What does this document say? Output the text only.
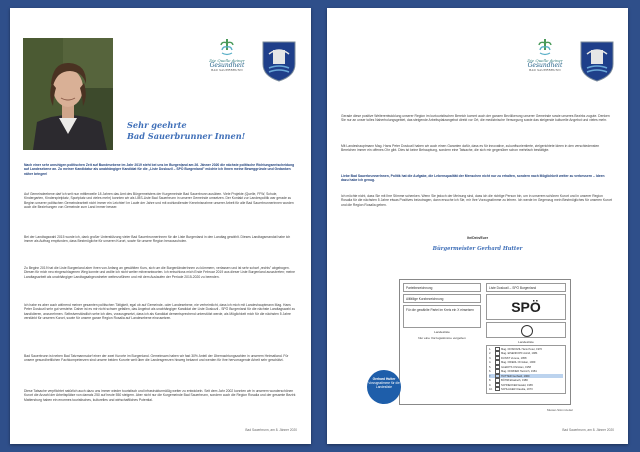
Die Quelle deiner
Gesundheit
BAD SAUERBRUNN
Sehr geehrte
Bad Sauerbrunner Innen!

Nach einer sehr unruhigen politischen Zeit auf Bundesebene im Jahr 2019 steht bei uns im Burgenland am 26. Jänner 2020 die nächste politische Richtungsentscheidung auf Landesebene an. Zu meiner Kandidatur als unabhängiger Kandidat für die „Liste Doskozil – SPÖ Burgenland" möchte ich Ihnen meine Beweggründe und Gedanken näher bringen!

Auf Gemeindeebene darf ich seit nun mittlerweile 18 Jahren das Amt des Bürgermeisters der Kurgemeinde Bad Sauerbrunn ausüben. Viele Projekte (Quelle, FFW, Schule, Kindergarten, Kinderspielplatz, Sportplatz und vieles mehr) konnten wir als LIBS-Liste Bad Sauerbrunn in unserer Gemeinde umsetzen. Der Kontakt zur Landespolitik war gerade zu Beginn unserer politischen Gemeindearbeit nicht immer ein Leichter! Im Laufe der Jahre und mit wohlwollender Kenntnisnahme unserer Arbeit für alle Bad Sauerbrunnerinnen wurden auch die Beziehungen von Gemeinde zum Land immer besser.

Bei der Landtagswahl 2015 wurde ich, dank großer Unterstützung vieler Bad SauerbrunnerInnen für die Liste Burgenland in den Landtag gewählt. Dieses Landtagsmandat habe ich immer als Auftrag empfunden, dass Bestmögliche für unseren Kurort, sowie für unsere Region herauszuholen.

Zu Beginn 2019 hat die Liste Burgenland aber ihren von Anfang an gewählten Kurs, sich um die BurgenländerInnen zu kümmern, verlassen und ist sehr scharf „rechts" abgebogen. Diesen für mich neu eingeschlagenen Weg konnte und wollte ich nicht weiter mitverantworten. Ich entschloss mich Ende Februar 2019 aus dieser Liste Burgenland auszutreten; meine Landtagsarbeit als unabhängiger Landtagsabgeordneter weiterzuführen und mit dem Auslaufen der Periode 2015-2020 zu beenden.

Ich habe es aber auch während meiner gesamten politischen Tätigkeit, egal ob auf Gemeinde- oder Landesebene, nie verheimlicht, dass ich mich mit Landeshauptmann Mag. Hans Peter Doskozil sehr gut verstehe. Daher ist es mir nicht schwer gefallen, das Angebot als unabhängiger Kandidat der Liste Doskozil - SPÖ Burgenland für die nächste Landtagswahl zu kandidieren, anzunehmen. Selbstverständlich sehe ich dies, vorausgesetzt, dass ich als Kandidat dementsprechend unterstützt werde, als Möglichkeit mich für die nächsten 5 Jahre verstärkt für unseren Kurort, sowie für unsere ganze Region Rosalia auf Landesebene einzusetzen.

Bad Sauerbrunn ist neben Bad Tatzmannsdorf einer der zwei Kurorte im Burgenland. Gemeinsam haben wir fast 30% Anteil der Übernachtungszahlen in unserem Heimatland. Für unsere gesundheitlichen Fachkompetenzen sind unsere beiden Kurorte weit über die Landesgrenzen hinweg bekannt und werden für ihre hervorragende Arbeit sehr geschätzt.

Diese Tatsache verpflichtet natürlich auch dazu uns immer wieder touristisch und infrastrukturmäßig weiter zu entwickeln. Seit dem Jahr 2002 konnten wir in unserem wunderschönen Kurort die Anzahl der Arbeitsplätze von damals 250 auf heute 550 steigern. Aber nicht nur die Kurgemeinde Bad Sauerbrunn, sondern auch die Region Rosalia und der gesamte Bezirk Mattersburg haben ein enormes touristisches, kulturelles und wirtschaftliches Potential.

Bad Sauerbrunn, am 8. Jänner 2020
Die Quelle deiner
Gesundheit
BAD SAUERBRUNN

Gerade diese positive Weiterentwicklung unserer Region im kurtouristischen Bereich kommt auch der ganzen Bevölkerung unserer Gemeinde sowie unseres Bezirks zugute. Denken Sie nur an unser tolles Naherholungsgebiet, das steigende Arbeitsplatzangebot direkt vor Ort, die medizinische Versorgung sowie das steigende kulturelle Angebot und vieles mehr.

Mit Landeshauptmann Mag. Hans Peter Doskozil haben wir auch einen Garanten dafür, dass es für innovative, zukunftsorientierte, zielgerichtete Ideen in den verschiedensten Bereichen immer ein offenes Ohr gibt. Dies ist keine Behauptung, sondern eine Tatsache, die sich mir gegenüber schon mehrfach bestätigte.

Liebe Bad SauerbrunnerInnen, Politik hat die Aufgabe, die Lebensqualität der Menschen nicht nur zu erhalten, sondern nach Möglichkeit weiter zu verbessern – Ideen dazu habe ich genug.

Ich möchte nicht, dass Sie mit Ihre Stimme schenken. Wenn Sie jedoch der Meinung sind, dass ich die richtige Person bin, um in unserem schönen Kurort und in unserer Region Rosalia für die nächsten 5 Jahre etwas Positives beizutragen, dann ersuche ich Sie, mir Ihre Vorzugsstimme zu lehren. Ich werde im Gegenzug mein Bestmögliches für unseren Kurort und die Region Rosalia geben.

Ihr/Dein/Euer
Bürgermeister Gerhard Hutter
Parteibezeichnung
Allfällige Kurzbezeichnung
Für die gewählte Partei im Kreis ein X einsetzen
Landesliste
Nur eine Vorzugsstimme vergeben
Liste Doskozil – SPÖ Burgenland
SPÖ
Landesliste
1.	Mag. DOSKOZIL Hans Peter, 1970
2.	Mag. EISENKOPF Astrid, 1984
3.	DUNST Verena, 1958
4.	Mag. FRIEDL Christian, 1969
5.	ILLEDITS Christian, 1958
6.	Mag. DORNER Heinrich, 1981
7.	HUTTER Gerhard, 1960
8.	BÖHM Elisabeth, 1986
9.	SCHNECKER Ewald, 1965
10.	SCHLAGER Claudia, 1973
Gerhard Hutter
Vorzugsstimme für die Landesliste
Muster-Stimmzettel
Bad Sauerbrunn, am 8. Jänner 2020
